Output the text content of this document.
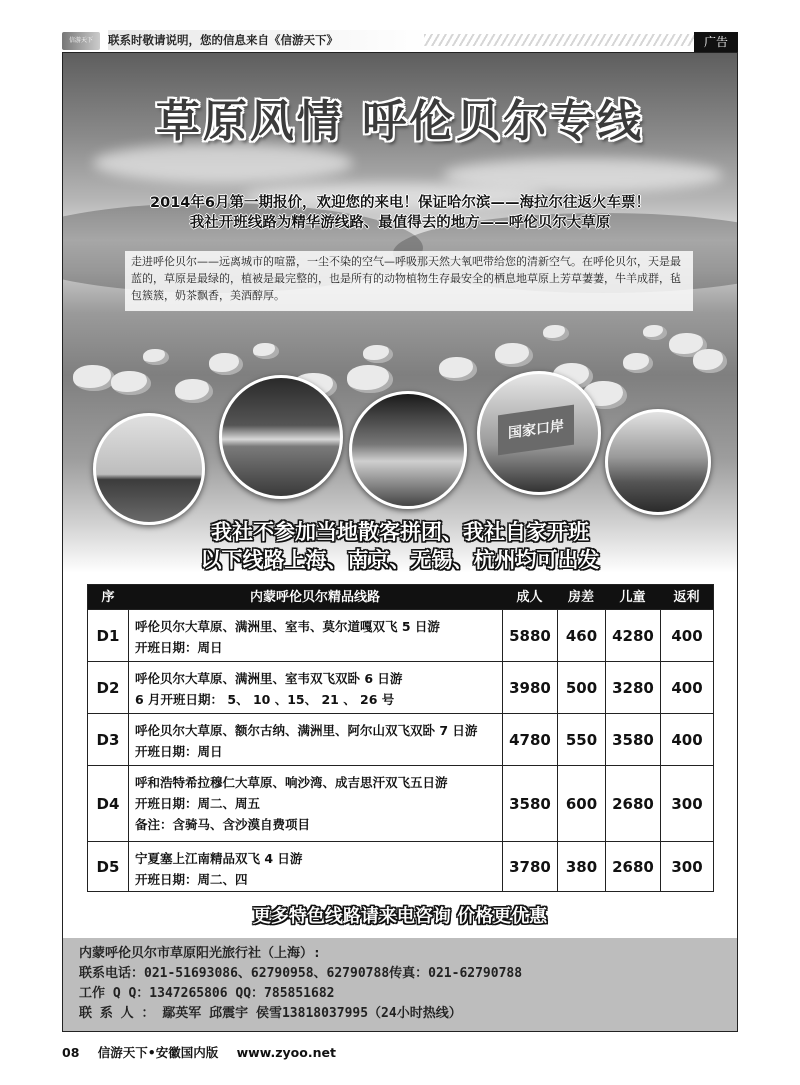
信游天下	联系时敬请说明，您的信息来自《信游天下》	广告
草原风情 呼伦贝尔专线
2014年6月第一期报价，欢迎您的来电！保证哈尔滨——海拉尔往返火车票！
我社开班线路为精华游线路、最值得去的地方——呼伦贝尔大草原
走进呼伦贝尔——远离城市的喧嚣，一尘不染的空气—呼吸那天然大氧吧带给您的清新空气。在呼伦贝尔，天是最蓝的，草原是最绿的，植被是最完整的，也是所有的动物植物生存最安全的栖息地草原上芳草萋萋，牛羊成群，毡包簇簇，奶茶飘香，美酒醇厚。
国家口岸
我社不参加当地散客拼团、我社自家开班
以下线路上海、南京、无锡、杭州均可出发
序	内蒙呼伦贝尔精品线路	成人	房差	儿童	返利
D1	呼伦贝尔大草原、满洲里、室韦、莫尔道嘎双飞 5 日游
开班日期：周日
5880 460 4280	400
D2	呼伦贝尔大草原、满洲里、室韦双飞双卧 6 日游
6 月开班日期： 5、 10 、15、 21 、 26 号
3980 500 3280	400
D3	呼伦贝尔大草原、额尔古纳、满洲里、阿尔山双飞双卧 7 日游
开班日期：周日
4780 550 3580	400
D4
呼和浩特希拉穆仁大草原、响沙湾、成吉思汗双飞五日游
开班日期：周二、周五
备注：含骑马、含沙漠自费项目
3580 600 2680	300
D5	宁夏塞上江南精品双飞 4 日游
开班日期：周二、四
3780 380 2680	300
更多特色线路请来电咨询 价格更优惠
内蒙呼伦贝尔市草原阳光旅行社（上海）:
联系电话：021-51693086、62790958、62790788传真：021-62790788
工作 Q Q：1347265806 QQ：785851682
联 系 人 ： 鄢英军 邱震宇 侯雪13818037995（24小时热线）
08 信游天下•安徽国内版 www.zyoo.net
